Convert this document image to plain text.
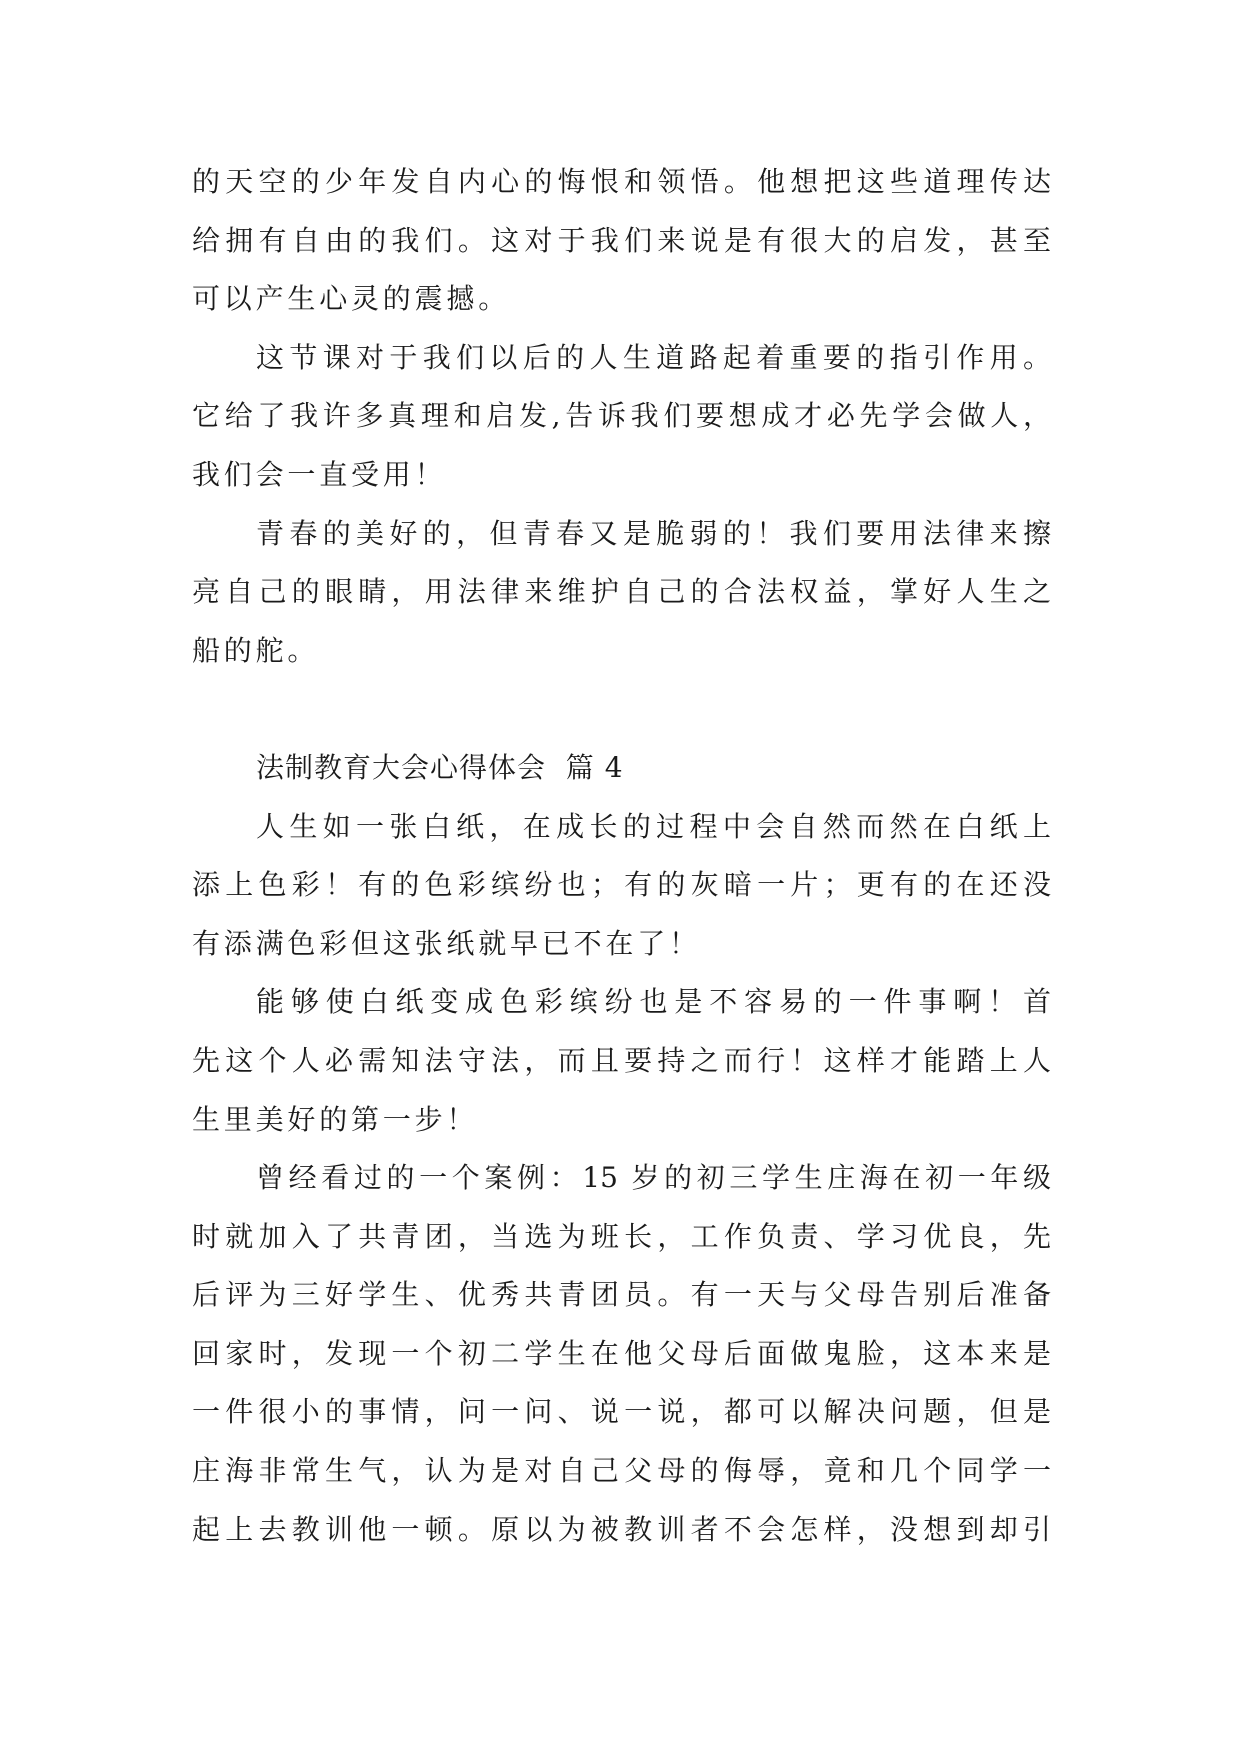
的天空的少年发自内心的悔恨和领悟。他想把这些道理传达
给拥有自由的我们。这对于我们来说是有很大的启发，甚至
可以产生心灵的震撼。
这节课对于我们以后的人生道路起着重要的指引作用。
它给了我许多真理和启发,告诉我们要想成才必先学会做人，
我们会一直受用！
青春的美好的，但青春又是脆弱的！我们要用法律来擦
亮自己的眼睛，用法律来维护自己的合法权益，掌好人生之
船的舵。
法制教育大会心得体会  篇 4
人生如一张白纸，在成长的过程中会自然而然在白纸上
添上色彩！有的色彩缤纷也；有的灰暗一片；更有的在还没
有添满色彩但这张纸就早已不在了！
能够使白纸变成色彩缤纷也是不容易的一件事啊！首
先这个人必需知法守法，而且要持之而行！这样才能踏上人
生里美好的第一步！
曾经看过的一个案例：15 岁的初三学生庄海在初一年级
时就加入了共青团，当选为班长，工作负责、学习优良，先
后评为三好学生、优秀共青团员。有一天与父母告别后准备
回家时，发现一个初二学生在他父母后面做鬼脸，这本来是
一件很小的事情，问一问、说一说，都可以解决问题，但是
庄海非常生气，认为是对自己父母的侮辱，竟和几个同学一
起上去教训他一顿。原以为被教训者不会怎样，没想到却引
